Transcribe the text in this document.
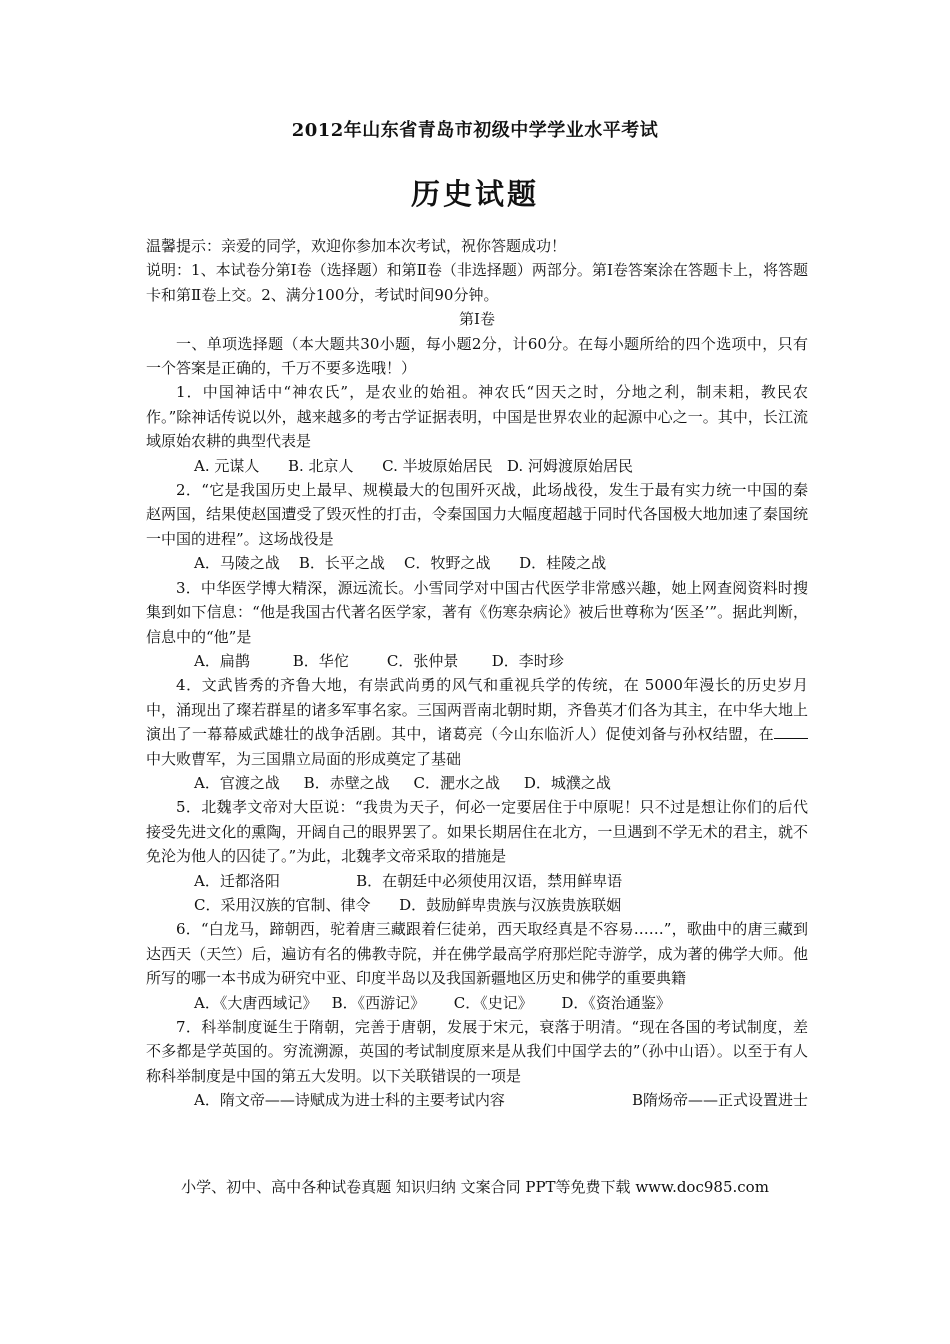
2012年山东省青岛市初级中学学业水平考试
历史试题

温馨提示：亲爱的同学，欢迎你参加本次考试，祝你答题成功！

说明：1、本试卷分第Ⅰ卷（选择题）和第Ⅱ卷（非选择题）两部分。第Ⅰ卷答案涂在答题卡上，将答题卡和第Ⅱ卷上交。2、满分100分，考试时间90分钟。

第Ⅰ卷

一、单项选择题（本大题共30小题，每小题2分，计60分。在每小题所给的四个选项中，只有一个答案是正确的，千万不要多选哦！）

1．中国神话中“神农氏”，是农业的始祖。神农氏“因天之时，分地之利，制耒耜，教民农作。”除神话传说以外，越来越多的考古学证据表明，中国是世界农业的起源中心之一。其中，长江流域原始农耕的典型代表是

A. 元谋人      B. 北京人      C. 半坡原始居民   D. 河姆渡原始居民

2．“它是我国历史上最早、规模最大的包围歼灭战，此场战役，发生于最有实力统一中国的秦赵两国，结果使赵国遭受了毁灭性的打击，令秦国国力大幅度超越于同时代各国极大地加速了秦国统一中国的进程”。这场战役是

A．马陵之战    B．长平之战    C．牧野之战      D．桂陵之战

3．中华医学博大精深，源远流长。小雪同学对中国古代医学非常感兴趣，她上网查阅资料时搜集到如下信息：“他是我国古代著名医学家，著有《伤寒杂病论》被后世尊称为‘医圣’”。据此判断，信息中的“他”是

A．扁鹊         B．华佗        C．张仲景       D．李时珍

4．文武皆秀的齐鲁大地，有崇武尚勇的风气和重视兵学的传统，在 5000年漫长的历史岁月中，涌现出了璨若群星的诸多军事名家。三国两晋南北朝时期，齐鲁英才们各为其主，在中华大地上演出了一幕幕威武雄壮的战争活剧。其中，诸葛亮（今山东临沂人）促使刘备与孙权结盟，在中大败曹军，为三国鼎立局面的形成奠定了基础

A．官渡之战     B．赤壁之战     C．淝水之战     D．城濮之战

5．北魏孝文帝对大臣说：“我贵为天子，何必一定要居住于中原呢！只不过是想让你们的后代接受先进文化的熏陶，开阔自己的眼界罢了。如果长期居住在北方，一旦遇到不学无术的君主，就不免沦为他人的囚徒了。”为此，北魏孝文帝采取的措施是

A．迁都洛阳                B．在朝廷中必须使用汉语，禁用鲜卑语

C．采用汉族的官制、律令      D．鼓励鲜卑贵族与汉族贵族联姻

6．“白龙马，蹄朝西，驼着唐三藏跟着仨徒弟，西天取经真是不容易……”，歌曲中的唐三藏到达西天（天竺）后，遍访有名的佛教寺院，并在佛学最高学府那烂陀寺游学，成为著的佛学大师。他所写的哪一本书成为研究中亚、印度半岛以及我国新疆地区历史和佛学的重要典籍

A．《大唐西域记》   B．《西游记》      C．《史记》      D．《资治通鉴》

7．科举制度诞生于隋朝，完善于唐朝，发展于宋元，衰落于明清。“现在各国的考试制度，差不多都是学英国的。穷流溯源，英国的考试制度原来是从我们中国学去的”（孙中山语）。以至于有人称科举制度是中国的第五大发明。以下关联错误的一项是

A．隋文帝——诗赋成为进士科的主要考试内容	B隋炀帝——正式设置进士
小学、初中、高中各种试卷真题 知识归纳 文案合同 PPT等免费下载 www.doc985.com
